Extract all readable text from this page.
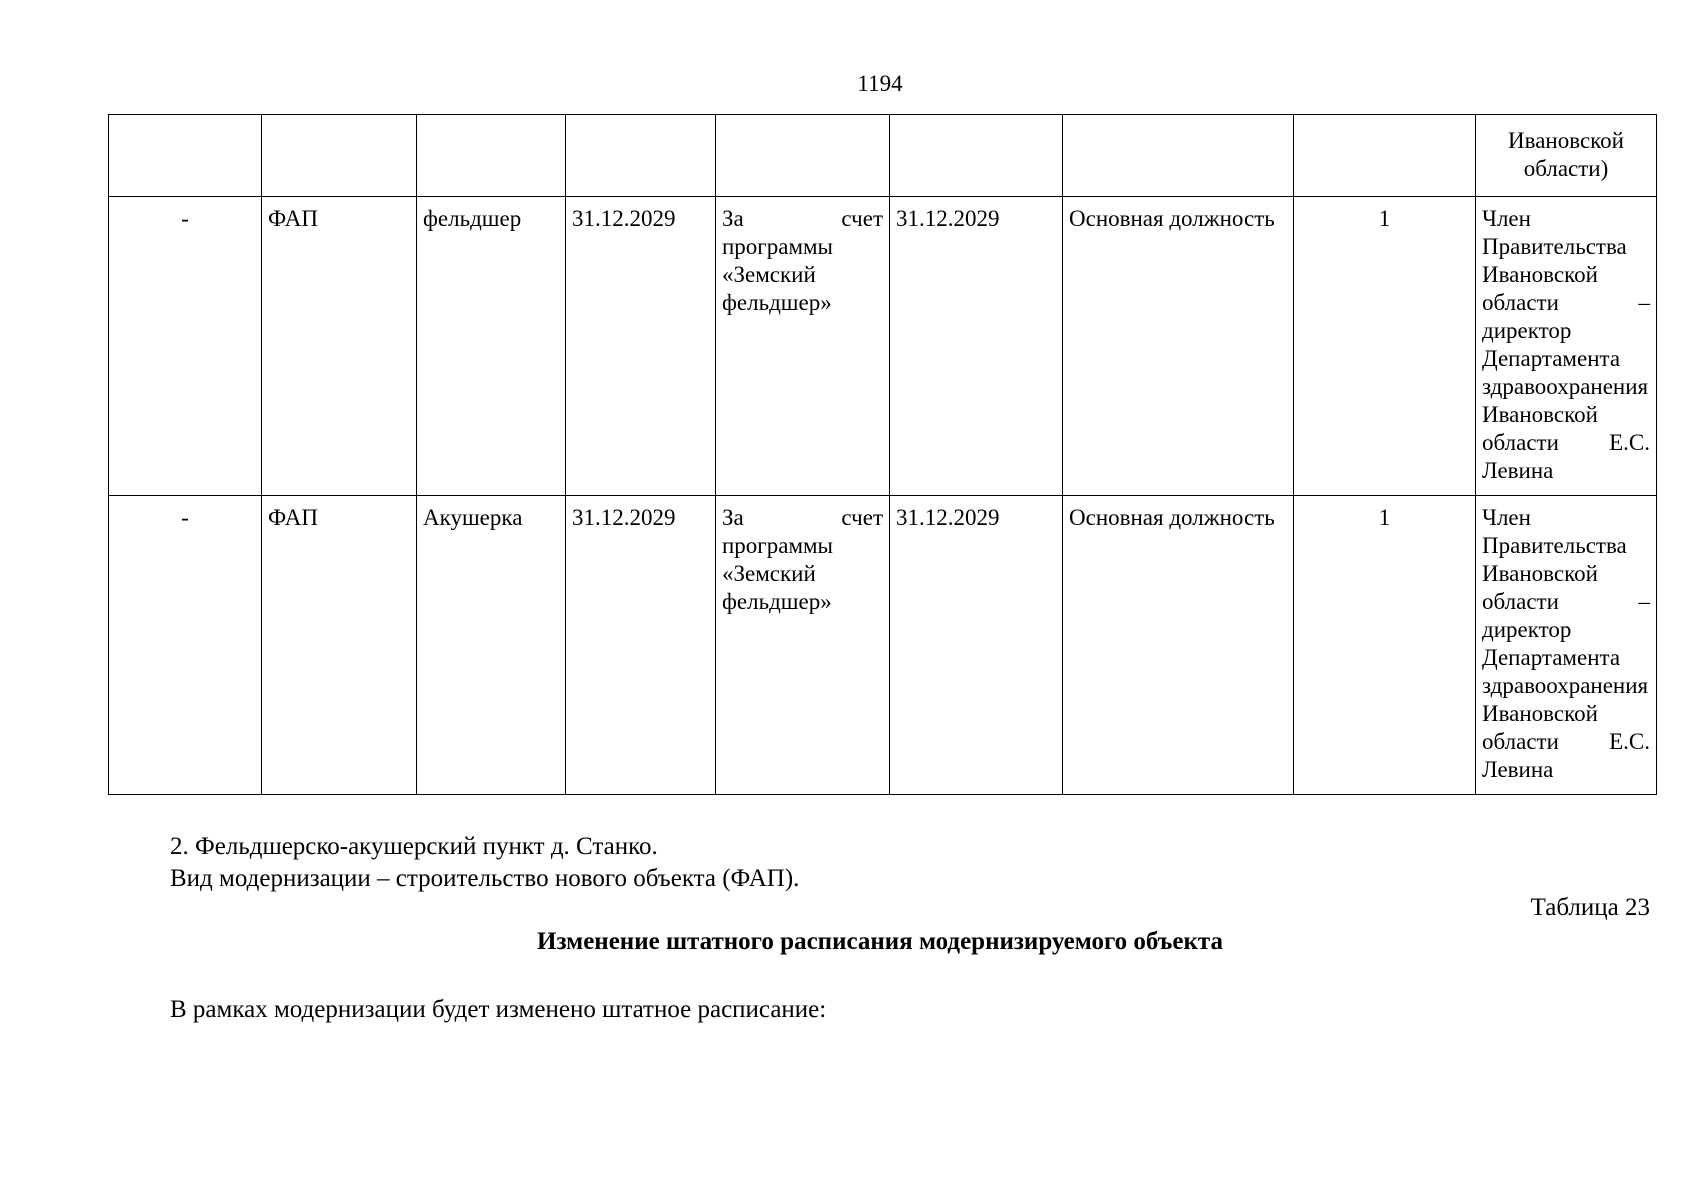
1194
								Ивановской области)
-	ФАП	фельдшер	31.12.2029	За счет программы «Земский фельдшер»	31.12.2029	Основная должность	1	Член Правительства Ивановской области – директор Департамента здравоохранения Ивановской области Е.С. Левина
-	ФАП	Акушерка	31.12.2029	За счет программы «Земский фельдшер»	31.12.2029	Основная должность	1	Член Правительства Ивановской области – директор Департамента здравоохранения Ивановской области Е.С. Левина
2. Фельдшерско-акушерский пункт д. Станко.
Вид модернизации – строительство нового объекта (ФАП).
Таблица 23
Изменение штатного расписания модернизируемого объекта
В рамках модернизации будет изменено штатное расписание:
